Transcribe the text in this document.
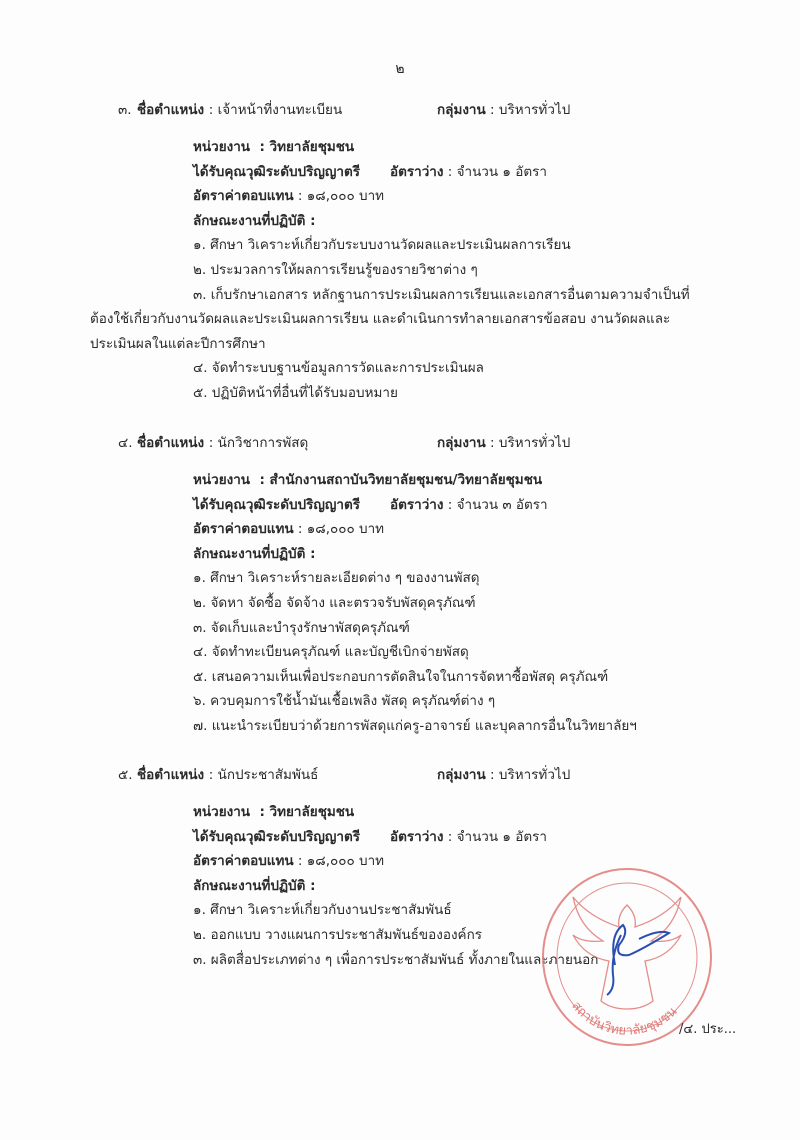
๒
๓. ชื่อตำแหน่ง : เจ้าหน้าที่งานทะเบียน	กลุ่มงาน : บริหารทั่วไป
หน่วยงาน : วิทยาลัยชุมชน
ได้รับคุณวุฒิระดับปริญญาตรี อัตราว่าง : จำนวน ๑ อัตรา
อัตราค่าตอบแทน : ๑๘,๐๐๐ บาท
ลักษณะงานที่ปฏิบัติ :
๑. ศึกษา วิเคราะห์เกี่ยวกับระบบงานวัดผลและประเมินผลการเรียน
๒. ประมวลการให้ผลการเรียนรู้ของรายวิชาต่าง ๆ
๓. เก็บรักษาเอกสาร หลักฐานการประเมินผลการเรียนและเอกสารอื่นตามความจำเป็นที่
ต้องใช้เกี่ยวกับงานวัดผลและประเมินผลการเรียน และดำเนินการทำลายเอกสารข้อสอบ งานวัดผลและ
ประเมินผลในแต่ละปีการศึกษา
๔. จัดทำระบบฐานข้อมูลการวัดและการประเมินผล
๕. ปฏิบัติหน้าที่อื่นที่ได้รับมอบหมาย
๔. ชื่อตำแหน่ง : นักวิชาการพัสดุ	กลุ่มงาน : บริหารทั่วไป
หน่วยงาน : สำนักงานสถาบันวิทยาลัยชุมชน/วิทยาลัยชุมชน
ได้รับคุณวุฒิระดับปริญญาตรี อัตราว่าง : จำนวน ๓ อัตรา
อัตราค่าตอบแทน : ๑๘,๐๐๐ บาท
ลักษณะงานที่ปฏิบัติ :
๑. ศึกษา วิเคราะห์รายละเอียดต่าง ๆ ของงานพัสดุ
๒. จัดหา จัดซื้อ จัดจ้าง และตรวจรับพัสดุครุภัณฑ์
๓. จัดเก็บและบำรุงรักษาพัสดุครุภัณฑ์
๔. จัดทำทะเบียนครุภัณฑ์ และบัญชีเบิกจ่ายพัสดุ
๕. เสนอความเห็นเพื่อประกอบการตัดสินใจในการจัดหาซื้อพัสดุ ครุภัณฑ์
๖. ควบคุมการใช้น้ำมันเชื้อเพลิง พัสดุ ครุภัณฑ์ต่าง ๆ
๗. แนะนำระเบียบว่าด้วยการพัสดุแก่ครู-อาจารย์ และบุคลากรอื่นในวิทยาลัยฯ
๕. ชื่อตำแหน่ง : นักประชาสัมพันธ์	กลุ่มงาน : บริหารทั่วไป
หน่วยงาน : วิทยาลัยชุมชน
ได้รับคุณวุฒิระดับปริญญาตรี อัตราว่าง : จำนวน ๑ อัตรา
อัตราค่าตอบแทน : ๑๘,๐๐๐ บาท
ลักษณะงานที่ปฏิบัติ :
๑. ศึกษา วิเคราะห์เกี่ยวกับงานประชาสัมพันธ์
๒. ออกแบบ วางแผนการประชาสัมพันธ์ขององค์กร
๓. ผลิตสื่อประเภทต่าง ๆ เพื่อการประชาสัมพันธ์ ทั้งภายในและภายนอก
สถาบันวิทยาลัยชุมชน
/๔. ประ...
